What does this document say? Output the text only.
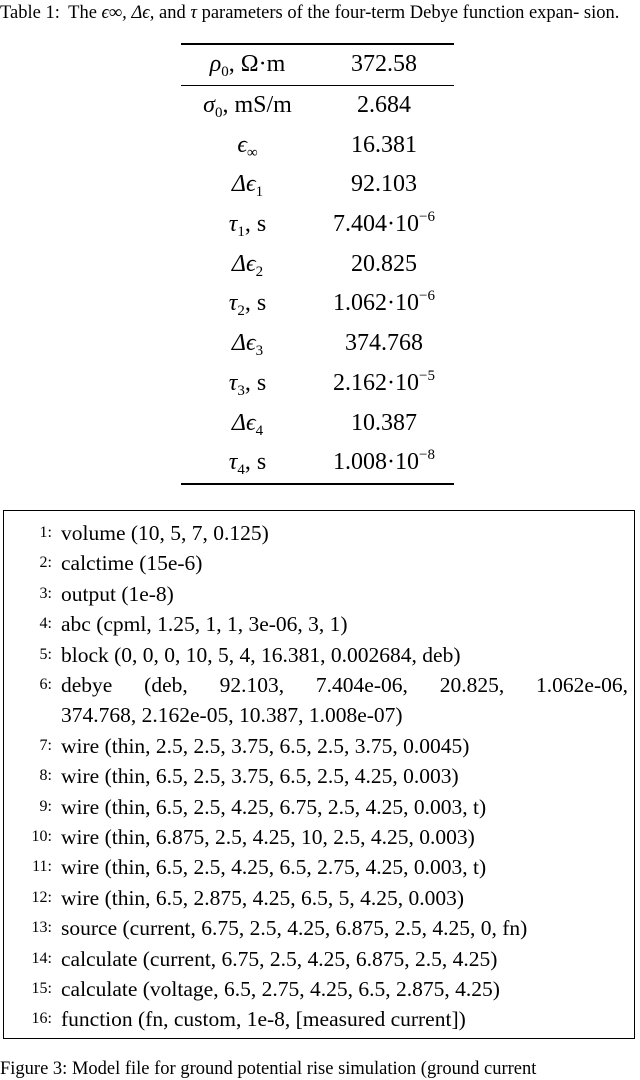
Table 1: The ϵ∞, Δϵ, and τ parameters of the four-term Debye function expan- sion.
$\rho_0$, Ω·m	372.58
$\sigma_0$, mS/m	2.684
$\epsilon_\infty$	16.381
$\Delta\epsilon_1$	92.103
$\tau_1$, s	$7.404\cdot 10^{-6}$
$\Delta\epsilon_2$	20.825
$\tau_2$, s	$1.062\cdot 10^{-6}$
$\Delta\epsilon_3$	374.768
$\tau_3$, s	$2.162\cdot 10^{-5}$
$\Delta\epsilon_4$	10.387
$\tau_4$, s	$1.008\cdot 10^{-8}$
1: volume (10, 5, 7, 0.125)
2: calctime (15e-6)
3: output (1e-8)
4: abc (cpml, 1.25, 1, 1, 3e-06, 3, 1)
5: block (0, 0, 0, 10, 5, 4, 16.381, 0.002684, deb)
6: debye (deb, 92.103, 7.404e-06, 20.825, 1.062e-06,
374.768, 2.162e-05, 10.387, 1.008e-07)
7: wire (thin, 2.5, 2.5, 3.75, 6.5, 2.5, 3.75, 0.0045)
8: wire (thin, 6.5, 2.5, 3.75, 6.5, 2.5, 4.25, 0.003)
9: wire (thin, 6.5, 2.5, 4.25, 6.75, 2.5, 4.25, 0.003, t)
10: wire (thin, 6.875, 2.5, 4.25, 10, 2.5, 4.25, 0.003)
11: wire (thin, 6.5, 2.5, 4.25, 6.5, 2.75, 4.25, 0.003, t)
12: wire (thin, 6.5, 2.875, 4.25, 6.5, 5, 4.25, 0.003)
13: source (current, 6.75, 2.5, 4.25, 6.875, 2.5, 4.25, 0, fn)
14: calculate (current, 6.75, 2.5, 4.25, 6.875, 2.5, 4.25)
15: calculate (voltage, 6.5, 2.75, 4.25, 6.5, 2.875, 4.25)
16: function (fn, custom, 1e-8, [measured current])
Figure 3: Model file for ground potential rise simulation (ground current
